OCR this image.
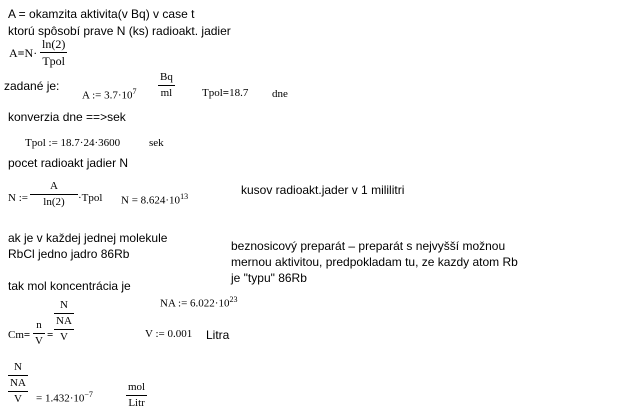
A = okamzita aktivita(v Bq) v case t
ktorú spôsobí prave N (ks) radioakt. jadier
A=N·
ln(2)
Tpol
zadané je:
A := $3.7\cdot 10^7$
Bq
ml	Tpol=18.7 dne
konverzia dne ==>sek
Tpol := 18.7·24·3600	sek
pocet radioakt jadier N
N :=
A
ln(2) ·Tpol $N = 8.624\cdot 10^{13}$	kusov radioakt.jader v 1 mililitri
ak je v každej jednej molekule
RbCl jedno jadro 86Rb
beznosicový preparát – preparát s nejvyšší možnou
mernou aktivitou, predpokladam tu, ze kazdy atom Rb
je "typu" 86Rb
tak mol koncentrácia je
NA := $6.022\cdot 10^{23}$
Cm=
n
V =
N
NA
V	V := 0.001 Litra
N
NA
$V = 1.432\cdot 10^{-7}$
mol
Litr
